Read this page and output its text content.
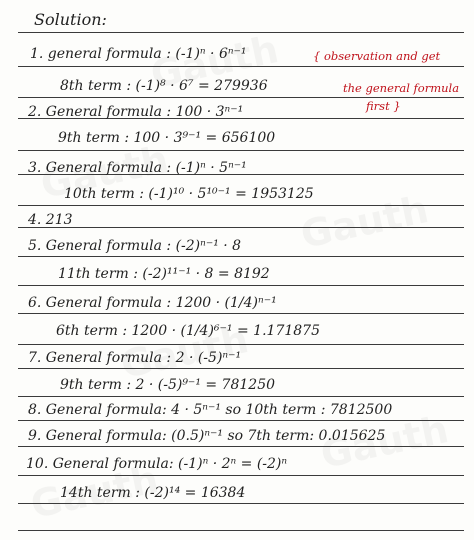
Solution:
1. general formula : (-1)ⁿ · 6ⁿ⁻¹	{ observation and get
8th term : (-1)⁸ · 6⁷ = 279936	the general formula
first }
2. General formula : 100 · 3ⁿ⁻¹
9th term : 100 · 3⁹⁻¹ = 656100
3. General formula : (-1)ⁿ · 5ⁿ⁻¹
10th term : (-1)¹⁰ · 5¹⁰⁻¹ = 1953125
4. 213
5. General formula : (-2)ⁿ⁻¹ · 8
11th term : (-2)¹¹⁻¹ · 8 = 8192
6. General formula : 1200 · (1/4)ⁿ⁻¹
6th term : 1200 · (1/4)⁶⁻¹ = 1.171875
7. General formula : 2 · (-5)ⁿ⁻¹
9th term : 2 · (-5)⁹⁻¹ = 781250
8. General formula: 4 · 5ⁿ⁻¹ so 10th term : 7812500
9. General formula: (0.5)ⁿ⁻¹ so 7th term: 0.015625
10. General formula: (-1)ⁿ · 2ⁿ = (-2)ⁿ
14th term : (-2)¹⁴ = 16384
